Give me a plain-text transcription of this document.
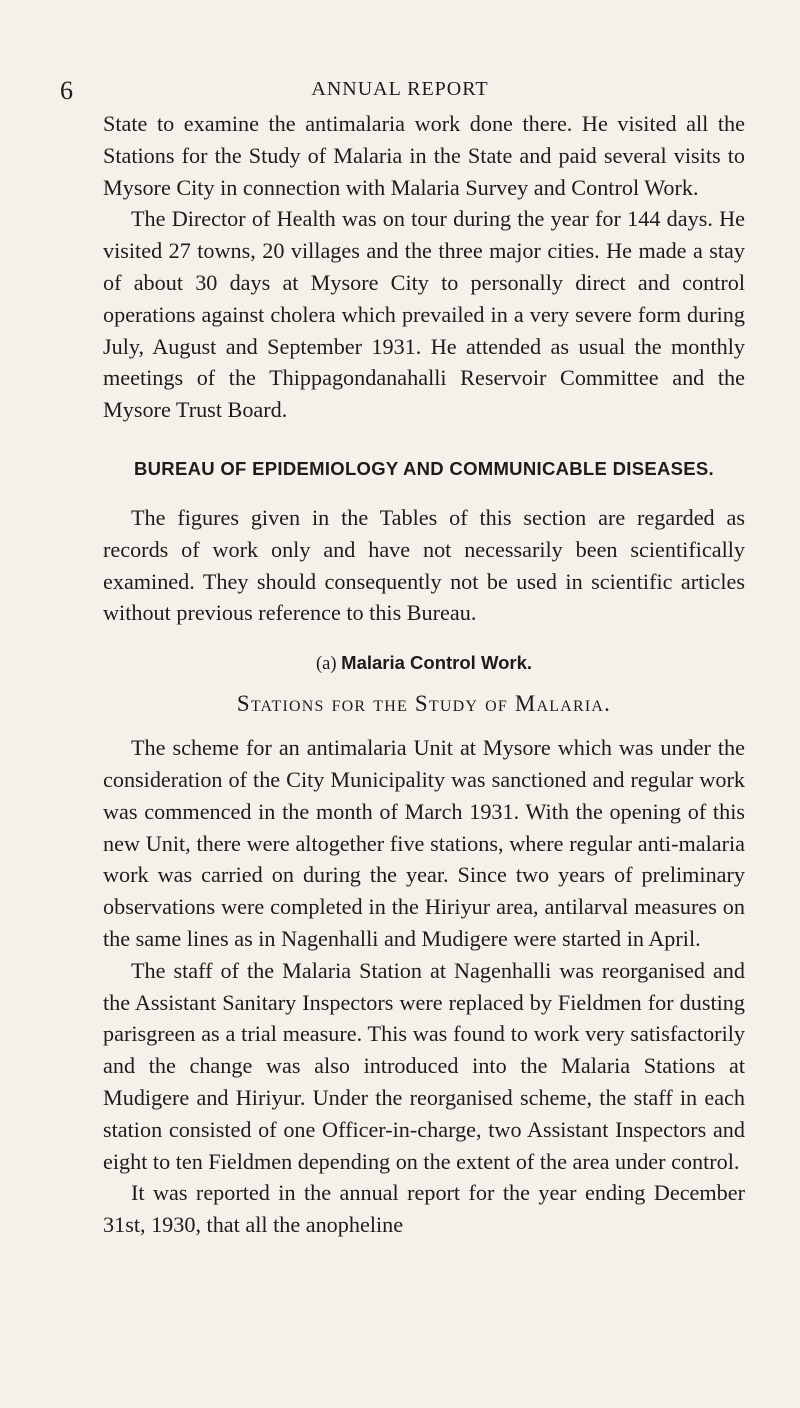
6	ANNUAL REPORT

State to examine the antimalaria work done there. He visited all the Stations for the Study of Malaria in the State and paid several visits to Mysore City in connection with Malaria Survey and Control Work.

The Director of Health was on tour during the year for 144 days. He visited 27 towns, 20 villages and the three major cities. He made a stay of about 30 days at Mysore City to personally direct and control operations against cholera which prevailed in a very severe form during July, August and September 1931. He attended as usual the monthly meetings of the Thippagondanahalli Reservoir Committee and the Mysore Trust Board.

BUREAU OF EPIDEMIOLOGY AND COMMUNICABLE DISEASES.

The figures given in the Tables of this section are regarded as records of work only and have not necessarily been scientifically examined. They should consequently not be used in scientific articles without previous reference to this Bureau.

(a) Malaria Control Work.
Stations for the Study of Malaria.

The scheme for an antimalaria Unit at Mysore which was under the consideration of the City Municipality was sanctioned and regular work was commenced in the month of March 1931. With the opening of this new Unit, there were altogether five stations, where regular anti-malaria work was carried on during the year. Since two years of preliminary observations were completed in the Hiriyur area, antilarval measures on the same lines as in Nagenhalli and Mudigere were started in April.

The staff of the Malaria Station at Nagenhalli was reorganised and the Assistant Sanitary Inspectors were replaced by Fieldmen for dusting parisgreen as a trial measure. This was found to work very satisfactorily and the change was also introduced into the Malaria Stations at Mudigere and Hiriyur. Under the reorganised scheme, the staff in each station consisted of one Officer-in-charge, two Assistant Inspectors and eight to ten Fieldmen depending on the extent of the area under control.

It was reported in the annual report for the year ending December 31st, 1930, that all the anopheline
